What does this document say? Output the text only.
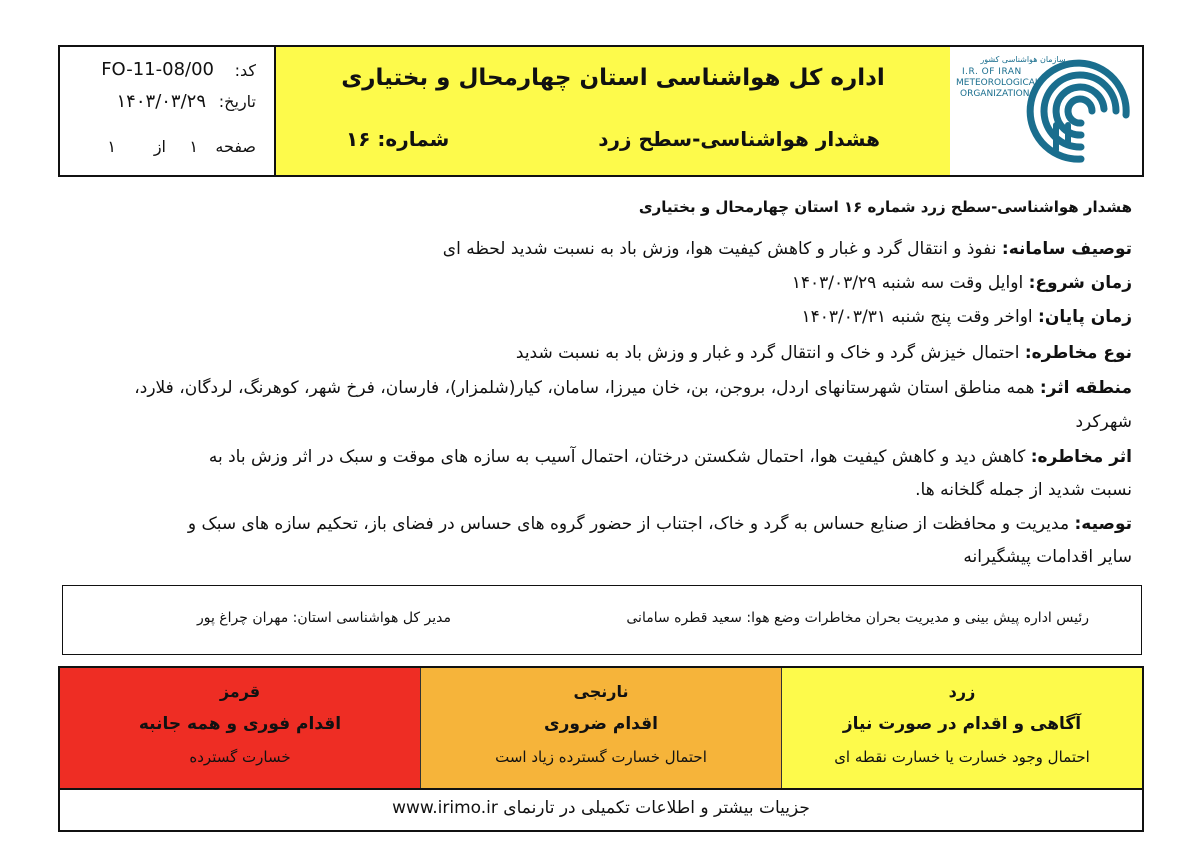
سازمان هواشناسی کشور
I.R. OF IRAN
METEOROLOGICAL
ORGANIZATION
اداره کل هواشناسی استان چهارمحال و بختیاری
هشدار هواشناسی-سطح زرد
شماره: ۱۶
کد:
FO-11-08/00
تاریخ:
۱۴۰۳/۰۳/۲۹
صفحه
۱
از
۱
هشدار هواشناسی-سطح زرد شماره ۱۶ استان چهارمحال و بختیاری
توصیف سامانه: نفوذ و انتقال گرد و غبار و کاهش کیفیت هوا، وزش باد به نسبت شدید لحظه ای
زمان شروع: اوایل وقت سه شنبه ۱۴۰۳/۰۳/۲۹
زمان پایان: اواخر وقت پنج شنبه ۱۴۰۳/۰۳/۳۱
نوع مخاطره: احتمال خیزش گرد و خاک و انتقال گرد و غبار و وزش باد به نسبت شدید
منطقه اثر: همه مناطق استان شهرستانهای اردل، بروجن، بن، خان میرزا، سامان، کیار(شلمزار)، فارسان، فرخ شهر، کوهرنگ، لردگان، فلارد،
شهرکرد
اثر مخاطره: کاهش دید و کاهش کیفیت هوا، احتمال شکستن درختان، احتمال آسیب به سازه های موقت و سبک در اثر وزش باد به
نسبت شدید از جمله گلخانه ها.
توصیه: مدیریت و محافظت از صنایع حساس به گرد و خاک، اجتناب از حضور گروه های حساس در فضای باز، تحکیم سازه های سبک و
سایر اقدامات پیشگیرانه
رئیس اداره پیش بینی و مدیریت بحران مخاطرات وضع هوا: سعید قطره سامانی
مدیر کل هواشناسی استان: مهران چراغ پور
زرد
آگاهی و اقدام در صورت نیاز
احتمال وجود خسارت یا خسارت نقطه ای
نارنجی
اقدام ضروری
احتمال خسارت گسترده زیاد است
قرمز
اقدام فوری و همه جانبه
خسارت گسترده
جزییات بیشتر و اطلاعات تکمیلی در تارنمای www.irimo.ir
